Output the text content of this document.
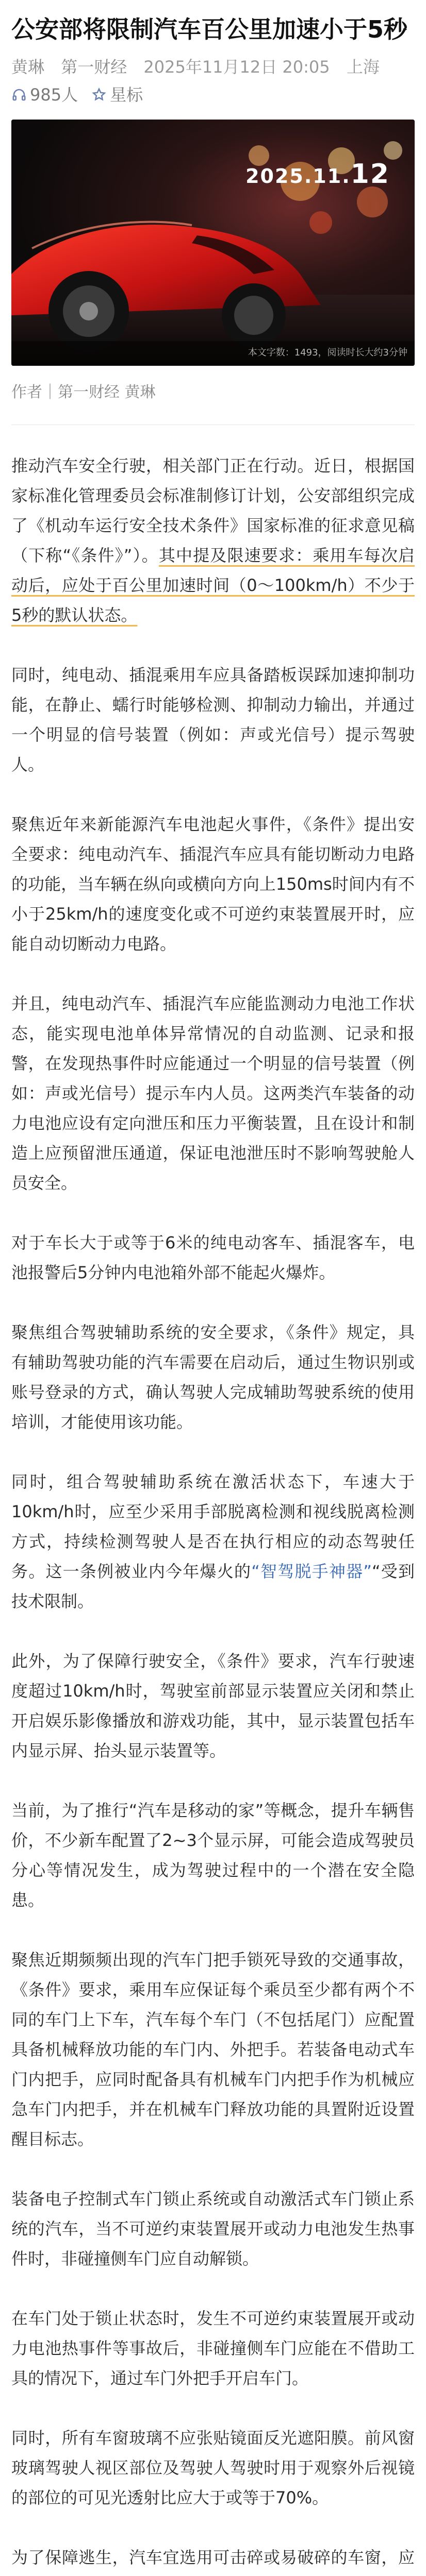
公安部将限制汽车百公里加速小于5秒
黄琳 第一财经 2025年11月12日 20:05 上海
985人 星标
2025.11.12
本文字数：1493，阅读时长大约3分钟
作者｜第一财经 黄琳

推动汽车安全行驶，相关部门正在行动。近日，根据国家标准化管理委员会标准制修订计划，公安部组织完成了《机动车运行安全技术条件》国家标准的征求意见稿（下称“《条件》”）。其中提及限速要求：乘用车每次启动后，应处于百公里加速时间（0～100km/h）不少于5秒的默认状态。

同时，纯电动、插混乘用车应具备踏板误踩加速抑制功能，在静止、蠕行时能够检测、抑制动力输出，并通过一个明显的信号装置（例如：声或光信号）提示驾驶人。

聚焦近年来新能源汽车电池起火事件，《条件》提出安全要求：纯电动汽车、插混汽车应具有能切断动力电路的功能，当车辆在纵向或横向方向上150ms时间内有不小于25km/h的速度变化或不可逆约束装置展开时，应能自动切断动力电路。

并且，纯电动汽车、插混汽车应能监测动力电池工作状态，能实现电池单体异常情况的自动监测、记录和报警，在发现热事件时应能通过一个明显的信号装置（例如：声或光信号）提示车内人员。这两类汽车装备的动力电池应设有定向泄压和压力平衡装置，且在设计和制造上应预留泄压通道，保证电池泄压时不影响驾驶舱人员安全。

对于车长大于或等于6米的纯电动客车、插混客车，电池报警后5分钟内电池箱外部不能起火爆炸。

聚焦组合驾驶辅助系统的安全要求，《条件》规定，具有辅助驾驶功能的汽车需要在启动后，通过生物识别或账号登录的方式，确认驾驶人完成辅助驾驶系统的使用培训，才能使用该功能。

同时，组合驾驶辅助系统在激活状态下，车速大于10km/h时，应至少采用手部脱离检测和视线脱离检测方式，持续检测驾驶人是否在执行相应的动态驾驶任务。这一条例被业内今年爆火的“智驾脱手神器”“受到技术限制。

此外，为了保障行驶安全，《条件》要求，汽车行驶速度超过10km/h时，驾驶室前部显示装置应关闭和禁止开启娱乐影像播放和游戏功能，其中，显示装置包括车内显示屏、抬头显示装置等。

当前，为了推行“汽车是移动的家”等概念，提升车辆售价，不少新车配置了2~3个显示屏，可能会造成驾驶员分心等情况发生，成为驾驶过程中的一个潜在安全隐患。

聚焦近期频频出现的汽车门把手锁死导致的交通事故，《条件》要求，乘用车应保证每个乘员至少都有两个不同的车门上下车，汽车每个车门（不包括尾门）应配置具备机械释放功能的车门内、外把手。若装备电动式车门内把手，应同时配备具有机械车门内把手作为机械应急车门内把手，并在机械车门释放功能的具置附近设置醒目标志。

装备电子控制式车门锁止系统或自动激活式车门锁止系统的汽车，当不可逆约束装置展开或动力电池发生热事件时，非碰撞侧车门应自动解锁。

在车门处于锁止状态时，发生不可逆约束装置展开或动力电池热事件等事故后，非碰撞侧车门应能在不借助工具的情况下，通过车门外把手开启车门。

同时，所有车窗玻璃不应张贴镜面反光遮阳膜。前风窗玻璃驾驶人视区部位及驾驶人驾驶时用于观察外后视镜的部位的可见光透射比应大于或等于70%。

为了保障逃生，汽车宜选用可击碎或易破碎的车窗，应
